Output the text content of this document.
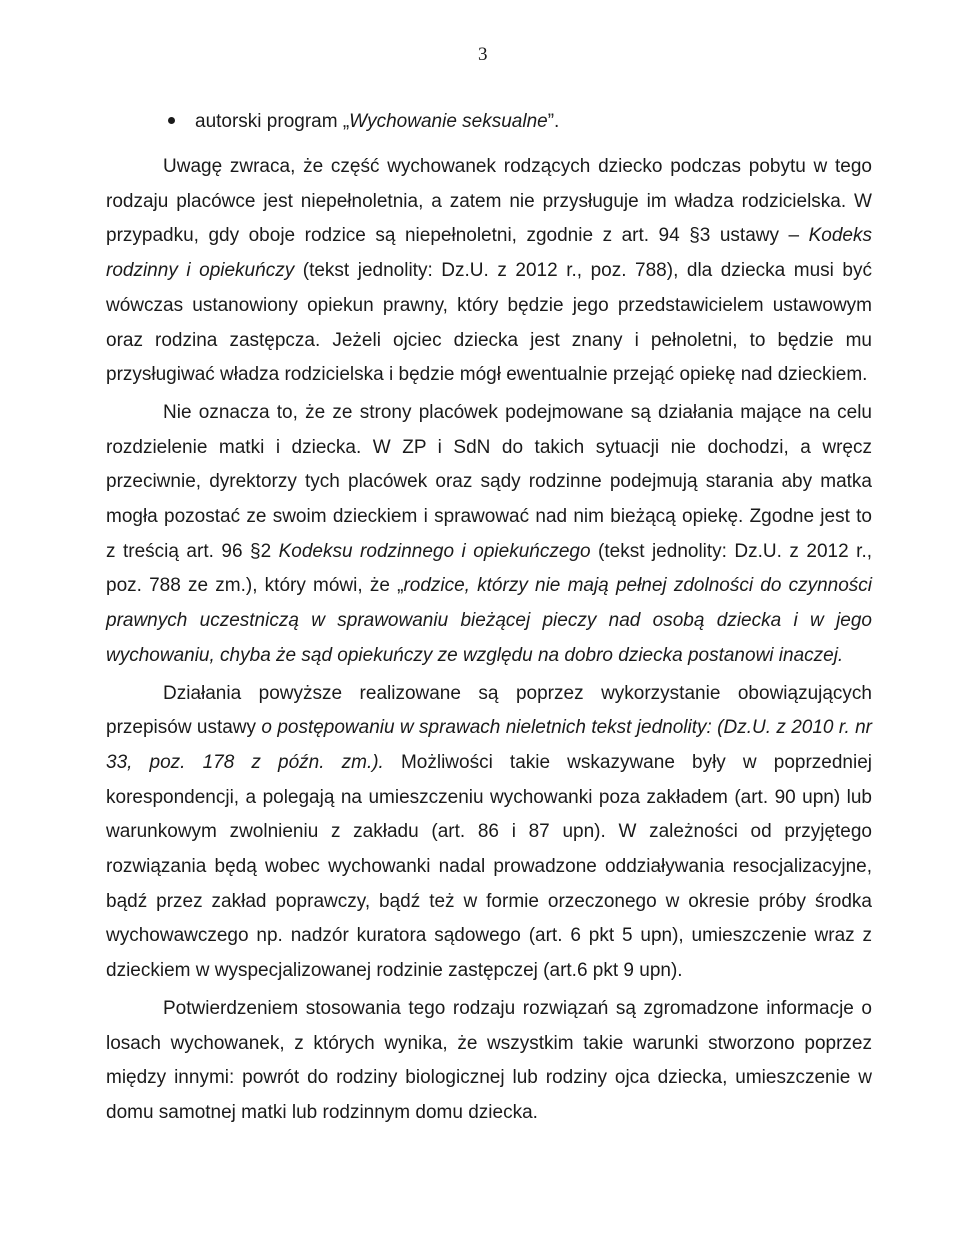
3
autorski program „Wychowanie seksualne”.

Uwagę zwraca, że część wychowanek rodzących dziecko podczas pobytu w tego rodzaju placówce jest niepełnoletnia, a zatem nie przysługuje im władza rodzicielska. W przypadku, gdy oboje rodzice są niepełnoletni, zgodnie z art. 94 §3 ustawy – Kodeks rodzinny i opiekuńczy (tekst jednolity: Dz.U. z 2012 r., poz. 788), dla dziecka musi być wówczas ustanowiony opiekun prawny, który będzie jego przedstawicielem ustawowym oraz rodzina zastępcza. Jeżeli ojciec dziecka jest znany i pełnoletni, to będzie mu przysługiwać władza rodzicielska i będzie mógł ewentualnie przejąć opiekę nad dzieckiem.

Nie oznacza to, że ze strony placówek podejmowane są działania mające na celu rozdzielenie matki i dziecka. W ZP i SdN do takich sytuacji nie dochodzi, a wręcz przeciwnie, dyrektorzy tych placówek oraz sądy rodzinne podejmują starania aby matka mogła pozostać ze swoim dzieckiem i sprawować nad nim bieżącą opiekę. Zgodne jest to z treścią art. 96 §2 Kodeksu rodzinnego i opiekuńczego (tekst jednolity: Dz.U. z 2012 r., poz. 788 ze zm.), który mówi, że „rodzice, którzy nie mają pełnej zdolności do czynności prawnych uczestniczą w sprawowaniu bieżącej pieczy nad osobą dziecka i w jego wychowaniu, chyba że sąd opiekuńczy ze względu na dobro dziecka postanowi inaczej.

Działania powyższe realizowane są poprzez wykorzystanie obowiązujących przepisów ustawy o postępowaniu w sprawach nieletnich tekst jednolity: (Dz.U. z 2010 r. nr 33, poz. 178 z późn. zm.). Możliwości takie wskazywane były w poprzedniej korespondencji, a polegają na umieszczeniu wychowanki poza zakładem (art. 90 upn) lub warunkowym zwolnieniu z zakładu (art. 86 i 87 upn). W zależności od przyjętego rozwiązania będą wobec wychowanki nadal prowadzone oddziaływania resocjalizacyjne, bądź przez zakład poprawczy, bądź też w formie orzeczonego w okresie próby środka wychowawczego np. nadzór kuratora sądowego (art. 6 pkt 5 upn), umieszczenie wraz z dzieckiem w wyspecjalizowanej rodzinie zastępczej (art.6 pkt 9 upn).

Potwierdzeniem stosowania tego rodzaju rozwiązań są zgromadzone informacje o losach wychowanek, z których wynika, że wszystkim takie warunki stworzono poprzez między innymi: powrót do rodziny biologicznej lub rodziny ojca dziecka, umieszczenie w domu samotnej matki lub rodzinnym domu dziecka.
